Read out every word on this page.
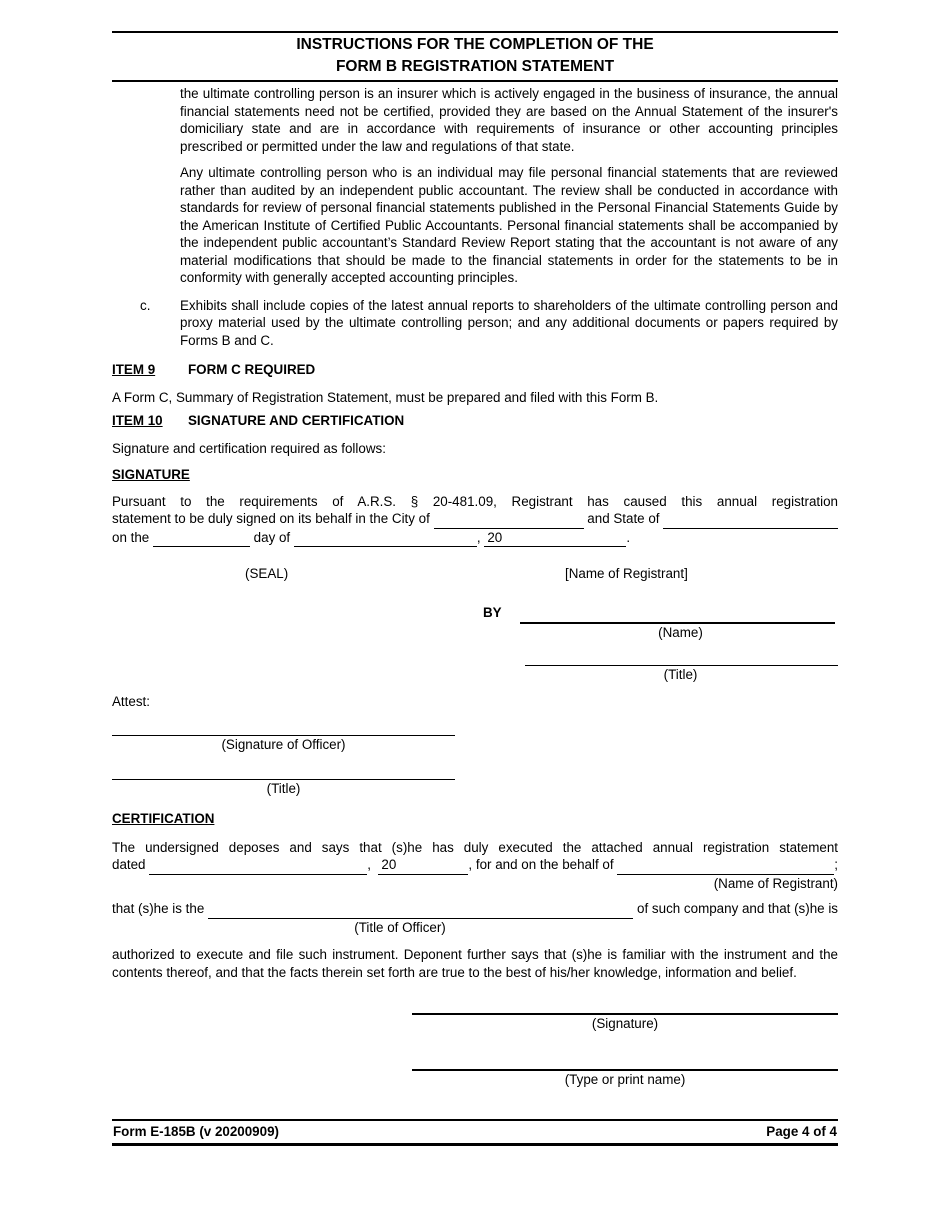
INSTRUCTIONS FOR THE COMPLETION OF THE
FORM B REGISTRATION STATEMENT

the ultimate controlling person is an insurer which is actively engaged in the business of insurance, the annual financial statements need not be certified, provided they are based on the Annual Statement of the insurer's domiciliary state and are in accordance with requirements of insurance or other accounting principles prescribed or permitted under the law and regulations of that state.

Any ultimate controlling person who is an individual may file personal financial statements that are reviewed rather than audited by an independent public accountant. The review shall be conducted in accordance with standards for review of personal financial statements published in the Personal Financial Statements Guide by the American Institute of Certified Public Accountants. Personal financial statements shall be accompanied by the independent public accountant’s Standard Review Report stating that the accountant is not aware of any material modifications that should be made to the financial statements in order for the statements to be in conformity with generally accepted accounting principles.

c.	Exhibits shall include copies of the latest annual reports to shareholders of the ultimate controlling person and proxy material used by the ultimate controlling person; and any additional documents or papers required by Forms B and C.
ITEM 9 FORM C REQUIRED

A Form C, Summary of Registration Statement, must be prepared and filed with this Form B.

ITEM 10 SIGNATURE AND CERTIFICATION

Signature and certification required as follows:

SIGNATURE
Pursuant to the requirements of A.R.S. § 20-481.09, Registrant has caused this annual registration
statement to be duly signed on its behalf in the City of	and State of
on the	day of	, 20	.
(SEAL)	[Name of Registrant]
BY
(Name)
(Title)
Attest:
(Signature of Officer)
(Title)
CERTIFICATION
The undersigned deposes and says that (s)he has duly executed the attached annual registration statement
dated	, 20	, for and on the behalf of	;
(Name of Registrant)
that (s)he is the	of such company and that (s)he is
(Title of Officer)

authorized to execute and file such instrument. Deponent further says that (s)he is familiar with the instrument and the contents thereof, and that the facts therein set forth are true to the best of his/her knowledge, information and belief.

(Signature)
(Type or print name)
Form E-185B (v 20200909)	Page 4 of 4
